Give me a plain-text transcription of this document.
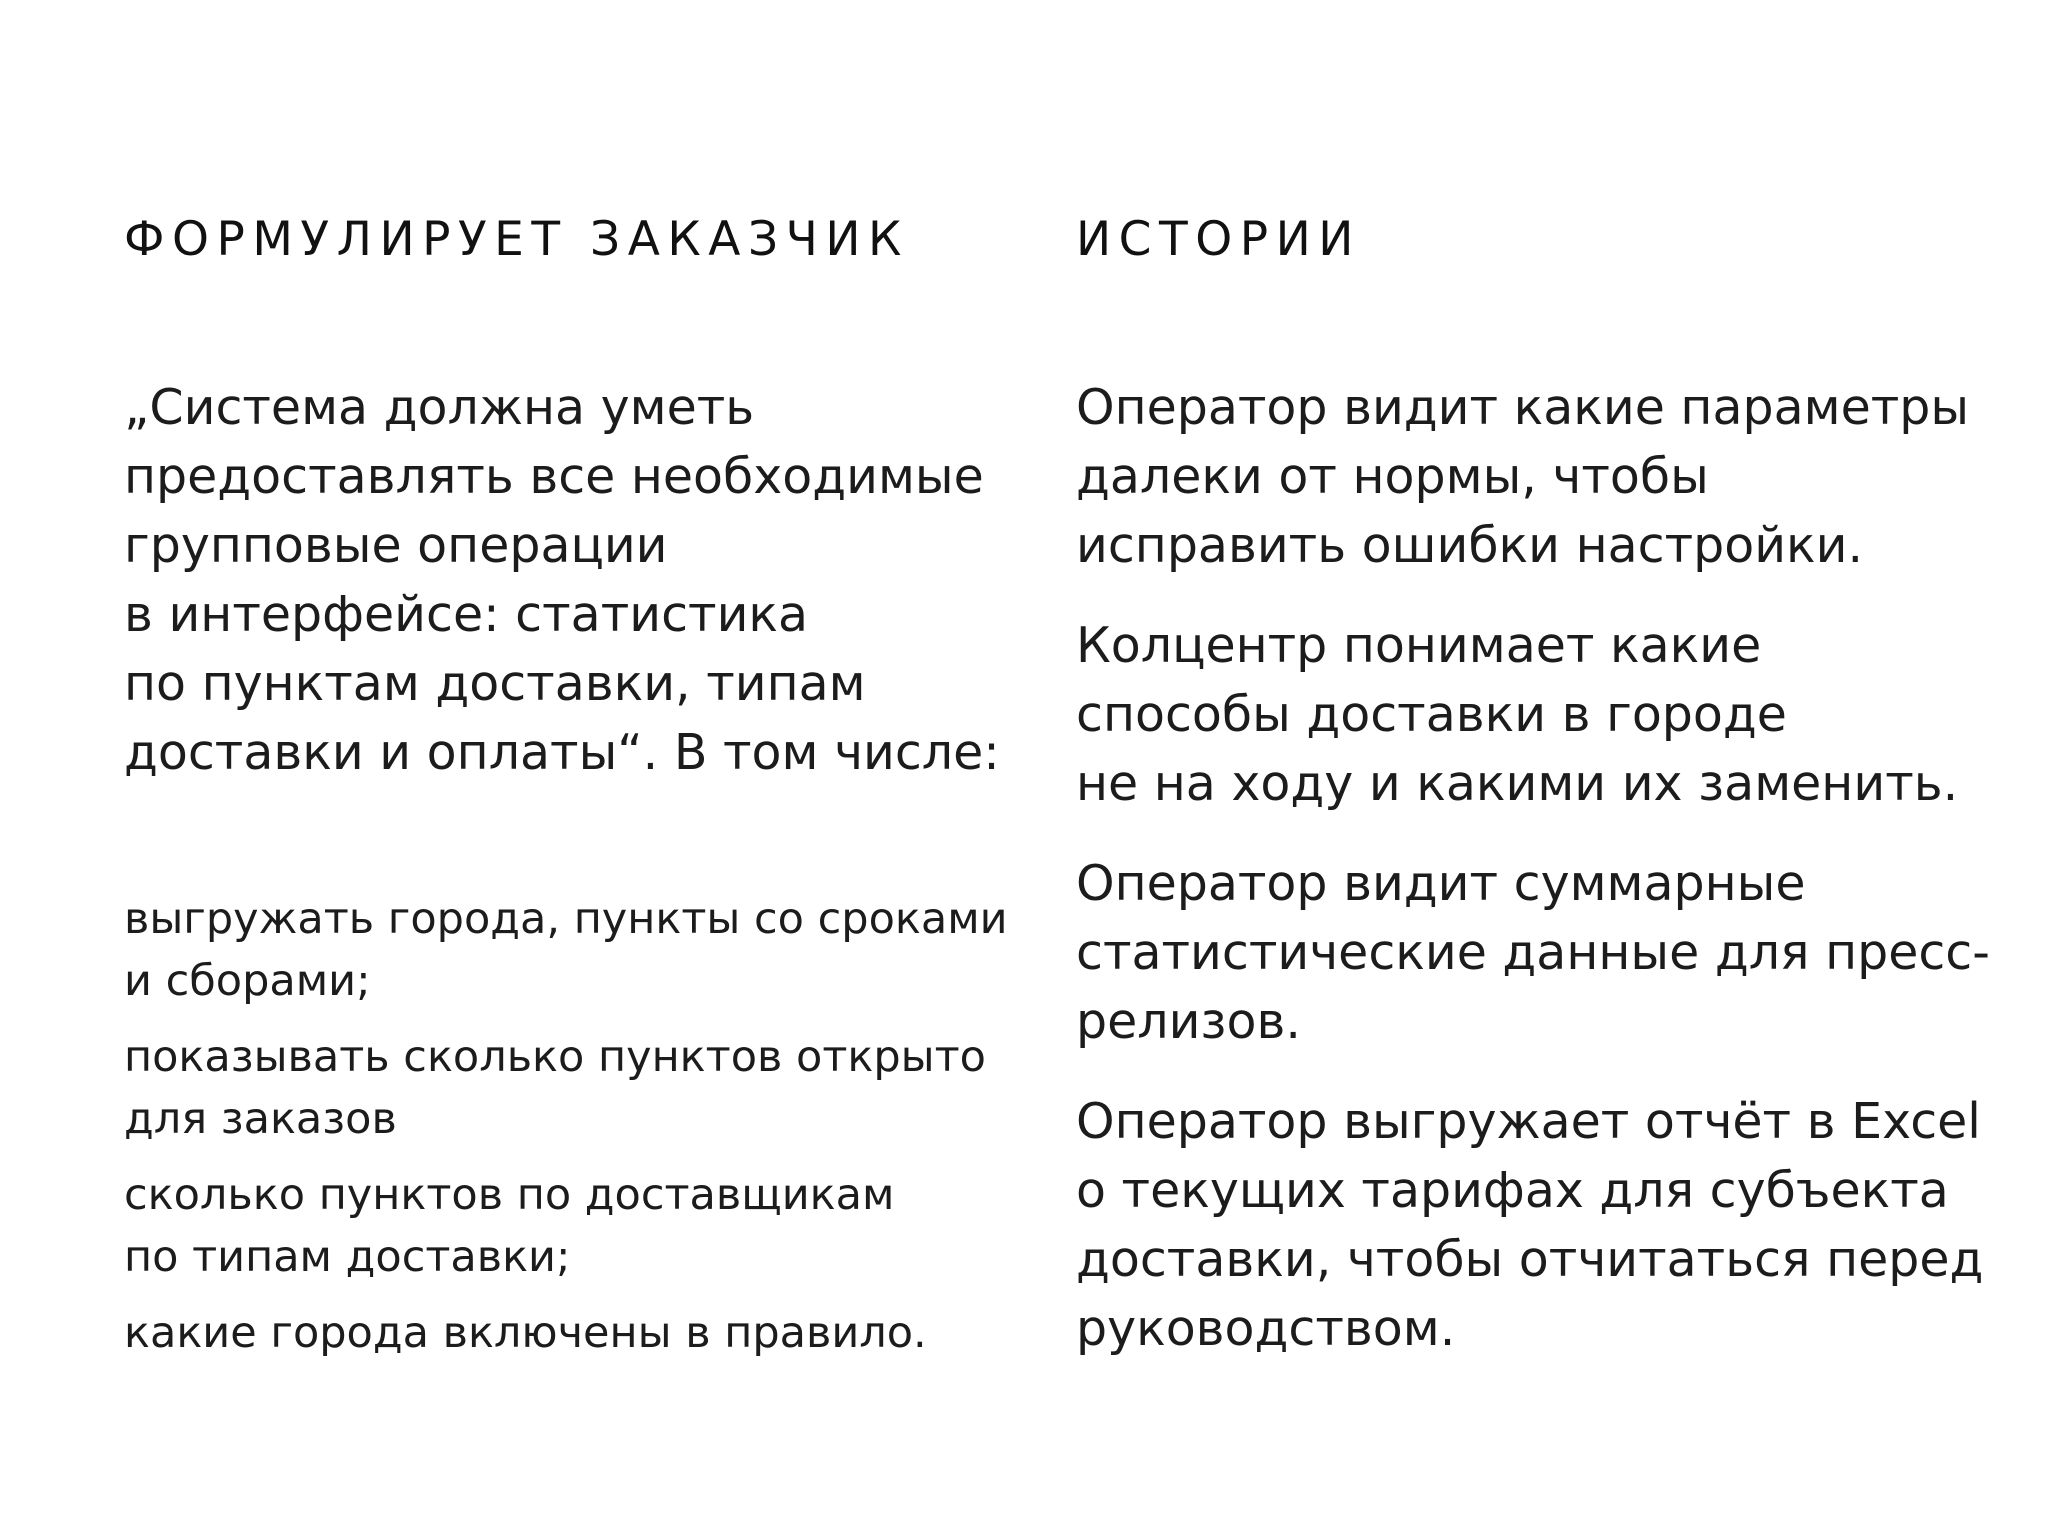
ФОРМУЛИРУЕТ ЗАКАЗЧИК

„Система должна уметь
предоставлять все необходимые
групповые операции
в интерфейсе: статистика
по пунктам доставки, типам
доставки и оплаты“. В том числе:

выгружать города, пункты со сроками
и сборами;
показывать сколько пунктов открыто
для заказов
сколько пунктов по доставщикам
по типам доставки;
какие города включены в правило.
ИСТОРИИ
Оператор видит какие параметры
далеки от нормы, чтобы
исправить ошибки настройки.
Колцентр понимает какие
способы доставки в городе
не на ходу и какими их заменить.
Оператор видит суммарные
статистические данные для пресс-
релизов.
Оператор выгружает отчёт в Excel
о текущих тарифах для субъекта
доставки, чтобы отчитаться перед
руководством.
